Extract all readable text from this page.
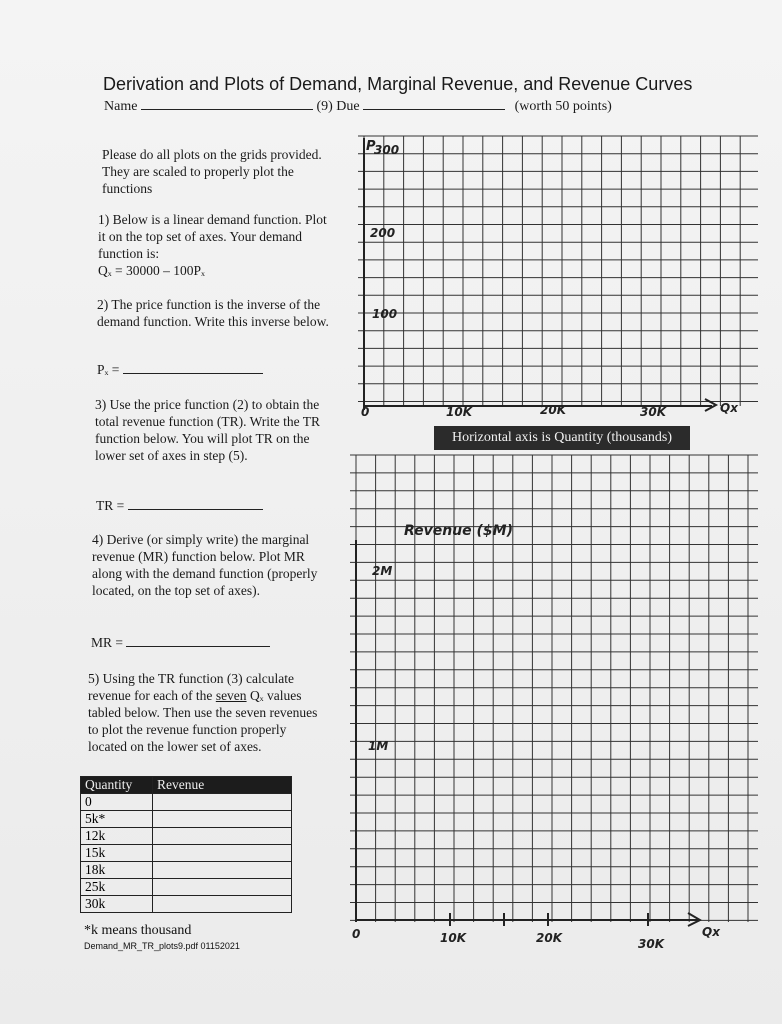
Derivation and Plots of Demand, Marginal Revenue, and Revenue Curves
Name	(9) Due	(worth 50 points)
Please do all plots on the grids provided. They are scaled to properly plot the functions
1) Below is a linear demand function. Plot it on the top set of axes. Your demand function is:
Qₓ = 30000 – 100Pₓ
2) The price function is the inverse of the demand function. Write this inverse below.
Pₓ =
3) Use the price function (2) to obtain the total revenue function (TR). Write the TR function below. You will plot TR on the lower set of axes in step (5).
TR =
4) Derive (or simply write) the marginal revenue (MR) function below. Plot MR along with the demand function (properly located, on the top set of axes).
MR =
5) Using the TR function (3) calculate revenue for each of the seven Qₓ values tabled below. Then use the seven revenues to plot the revenue function properly located on the lower set of axes.
Quantity	Revenue
0	
5k*	
12k	
15k	
18k	
25k	
30k	
*k means thousand
Demand_MR_TR_plots9.pdf 01152021
P
300
200
100
0	10K	20K	30K	Qx
Revenue ($M)
2M
1M
0	10K	20K	30K
Qx
Horizontal axis is Quantity (thousands)
